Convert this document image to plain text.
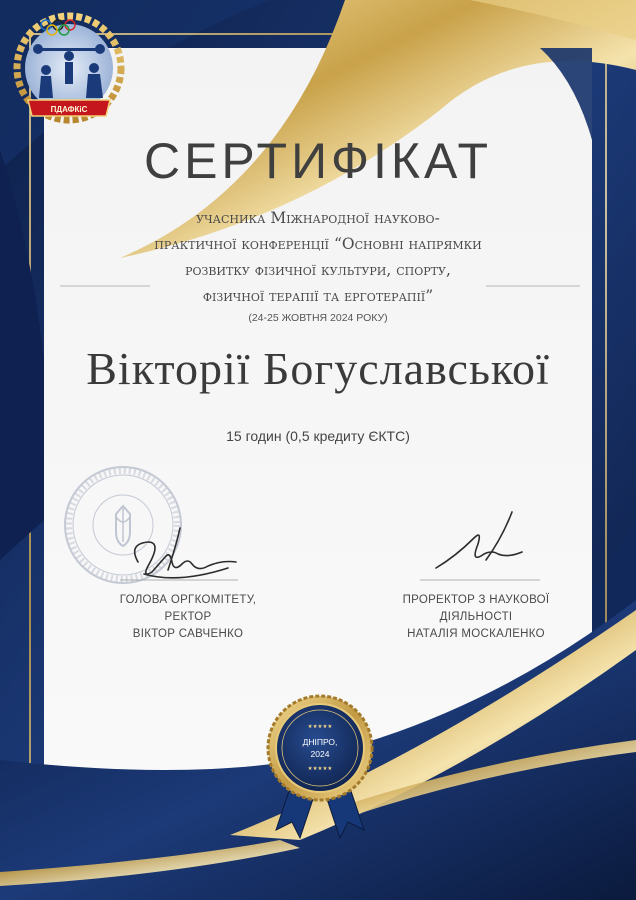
ПДАФКіС
★★★★★
ДНІПРО,
2024
★★★★★
СЕРТИФІКАТ
учасника Міжнародної науково-
практичної конференції “Основні напрямки
розвитку фізичної культури, спорту,
фізичної терапії та ерготерапії”
(24-25 ЖОВТНЯ 2024 РОКУ)
Вікторії Богуславської
15 годин (0,5 кредиту ЄКТС)
ГОЛОВА ОРГКОМІТЕТУ,
РЕКТОР
ВІКТОР САВЧЕНКО
ПРОРЕКТОР З НАУКОВОЇ
ДІЯЛЬНОСТІ
НАТАЛІЯ МОСКАЛЕНКО
